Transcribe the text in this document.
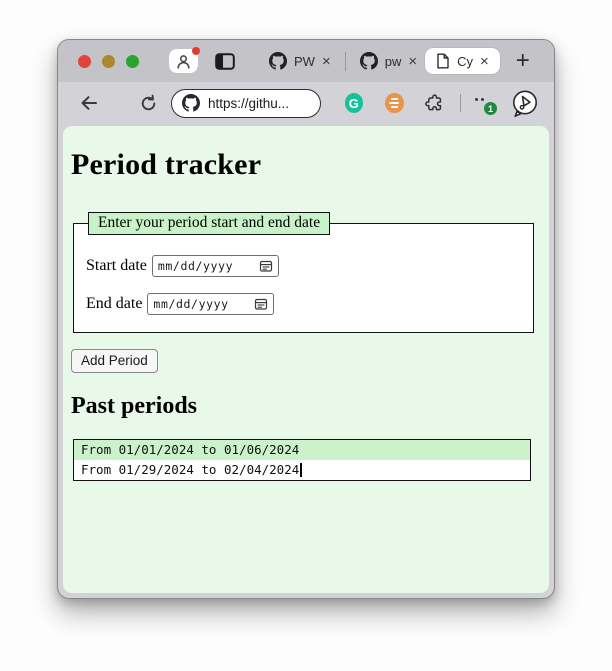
PW ×	pw ×	Cy × +
https://githu...	G	1
Period tracker
Enter your period start and end date
Start date mm/dd/yyyy
End date mm/dd/yyyy
Add Period
Past periods
From 01/01/2024 to 01/06/2024
From 01/29/2024 to 02/04/2024
